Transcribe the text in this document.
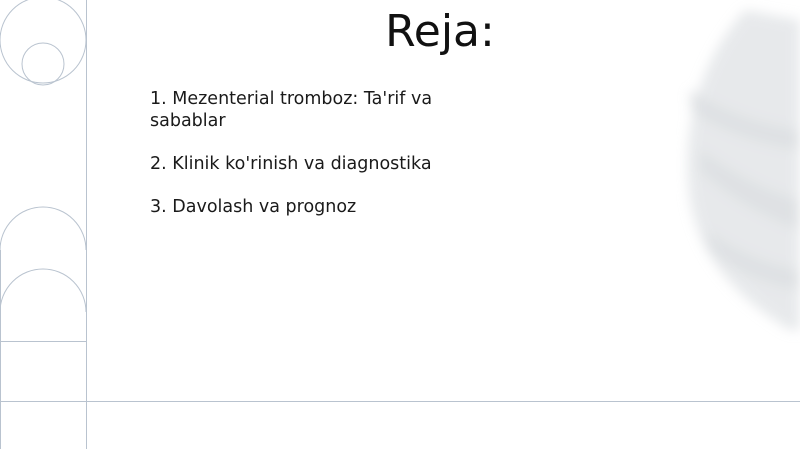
Reja:
1. Mezenterial tromboz: Ta'rif va sabablar
2. Klinik ko'rinish va diagnostika
3. Davolash va prognoz
